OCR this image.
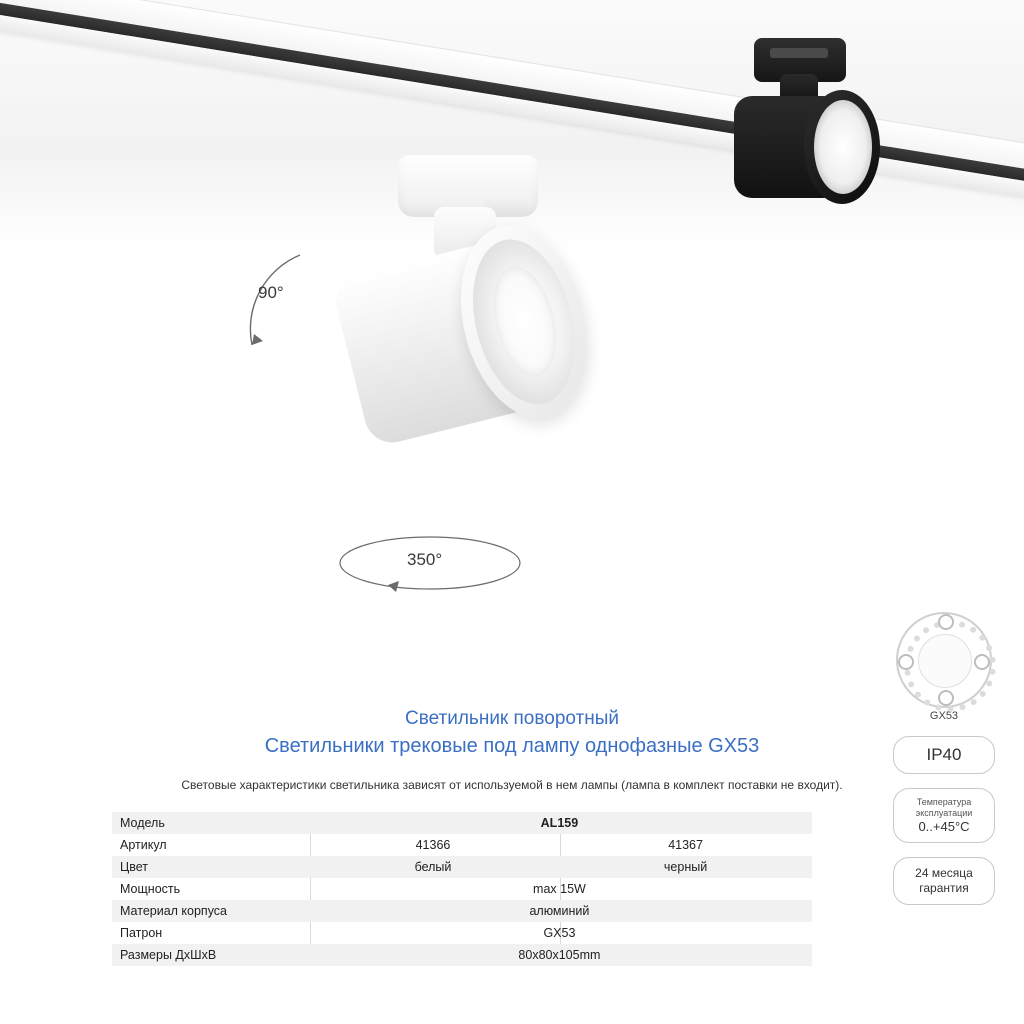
90°
350°
Светильник поворотный
Светильники трековые под лампу однофазные GX53
Световые характеристики светильника зависят от используемой в нем лампы (лампа в комплект поставки не входит).
Модель	AL159	
Артикул	41366	41367
Цвет	белый	черный
Мощность	max 15W	
Материал корпуса	алюминий	
Патрон	GX53	
Размеры ДхШхВ	80x80x105mm	
GX53
IP40
Температура
эксплуатации
0..+45°C
24 месяца
гарантия
